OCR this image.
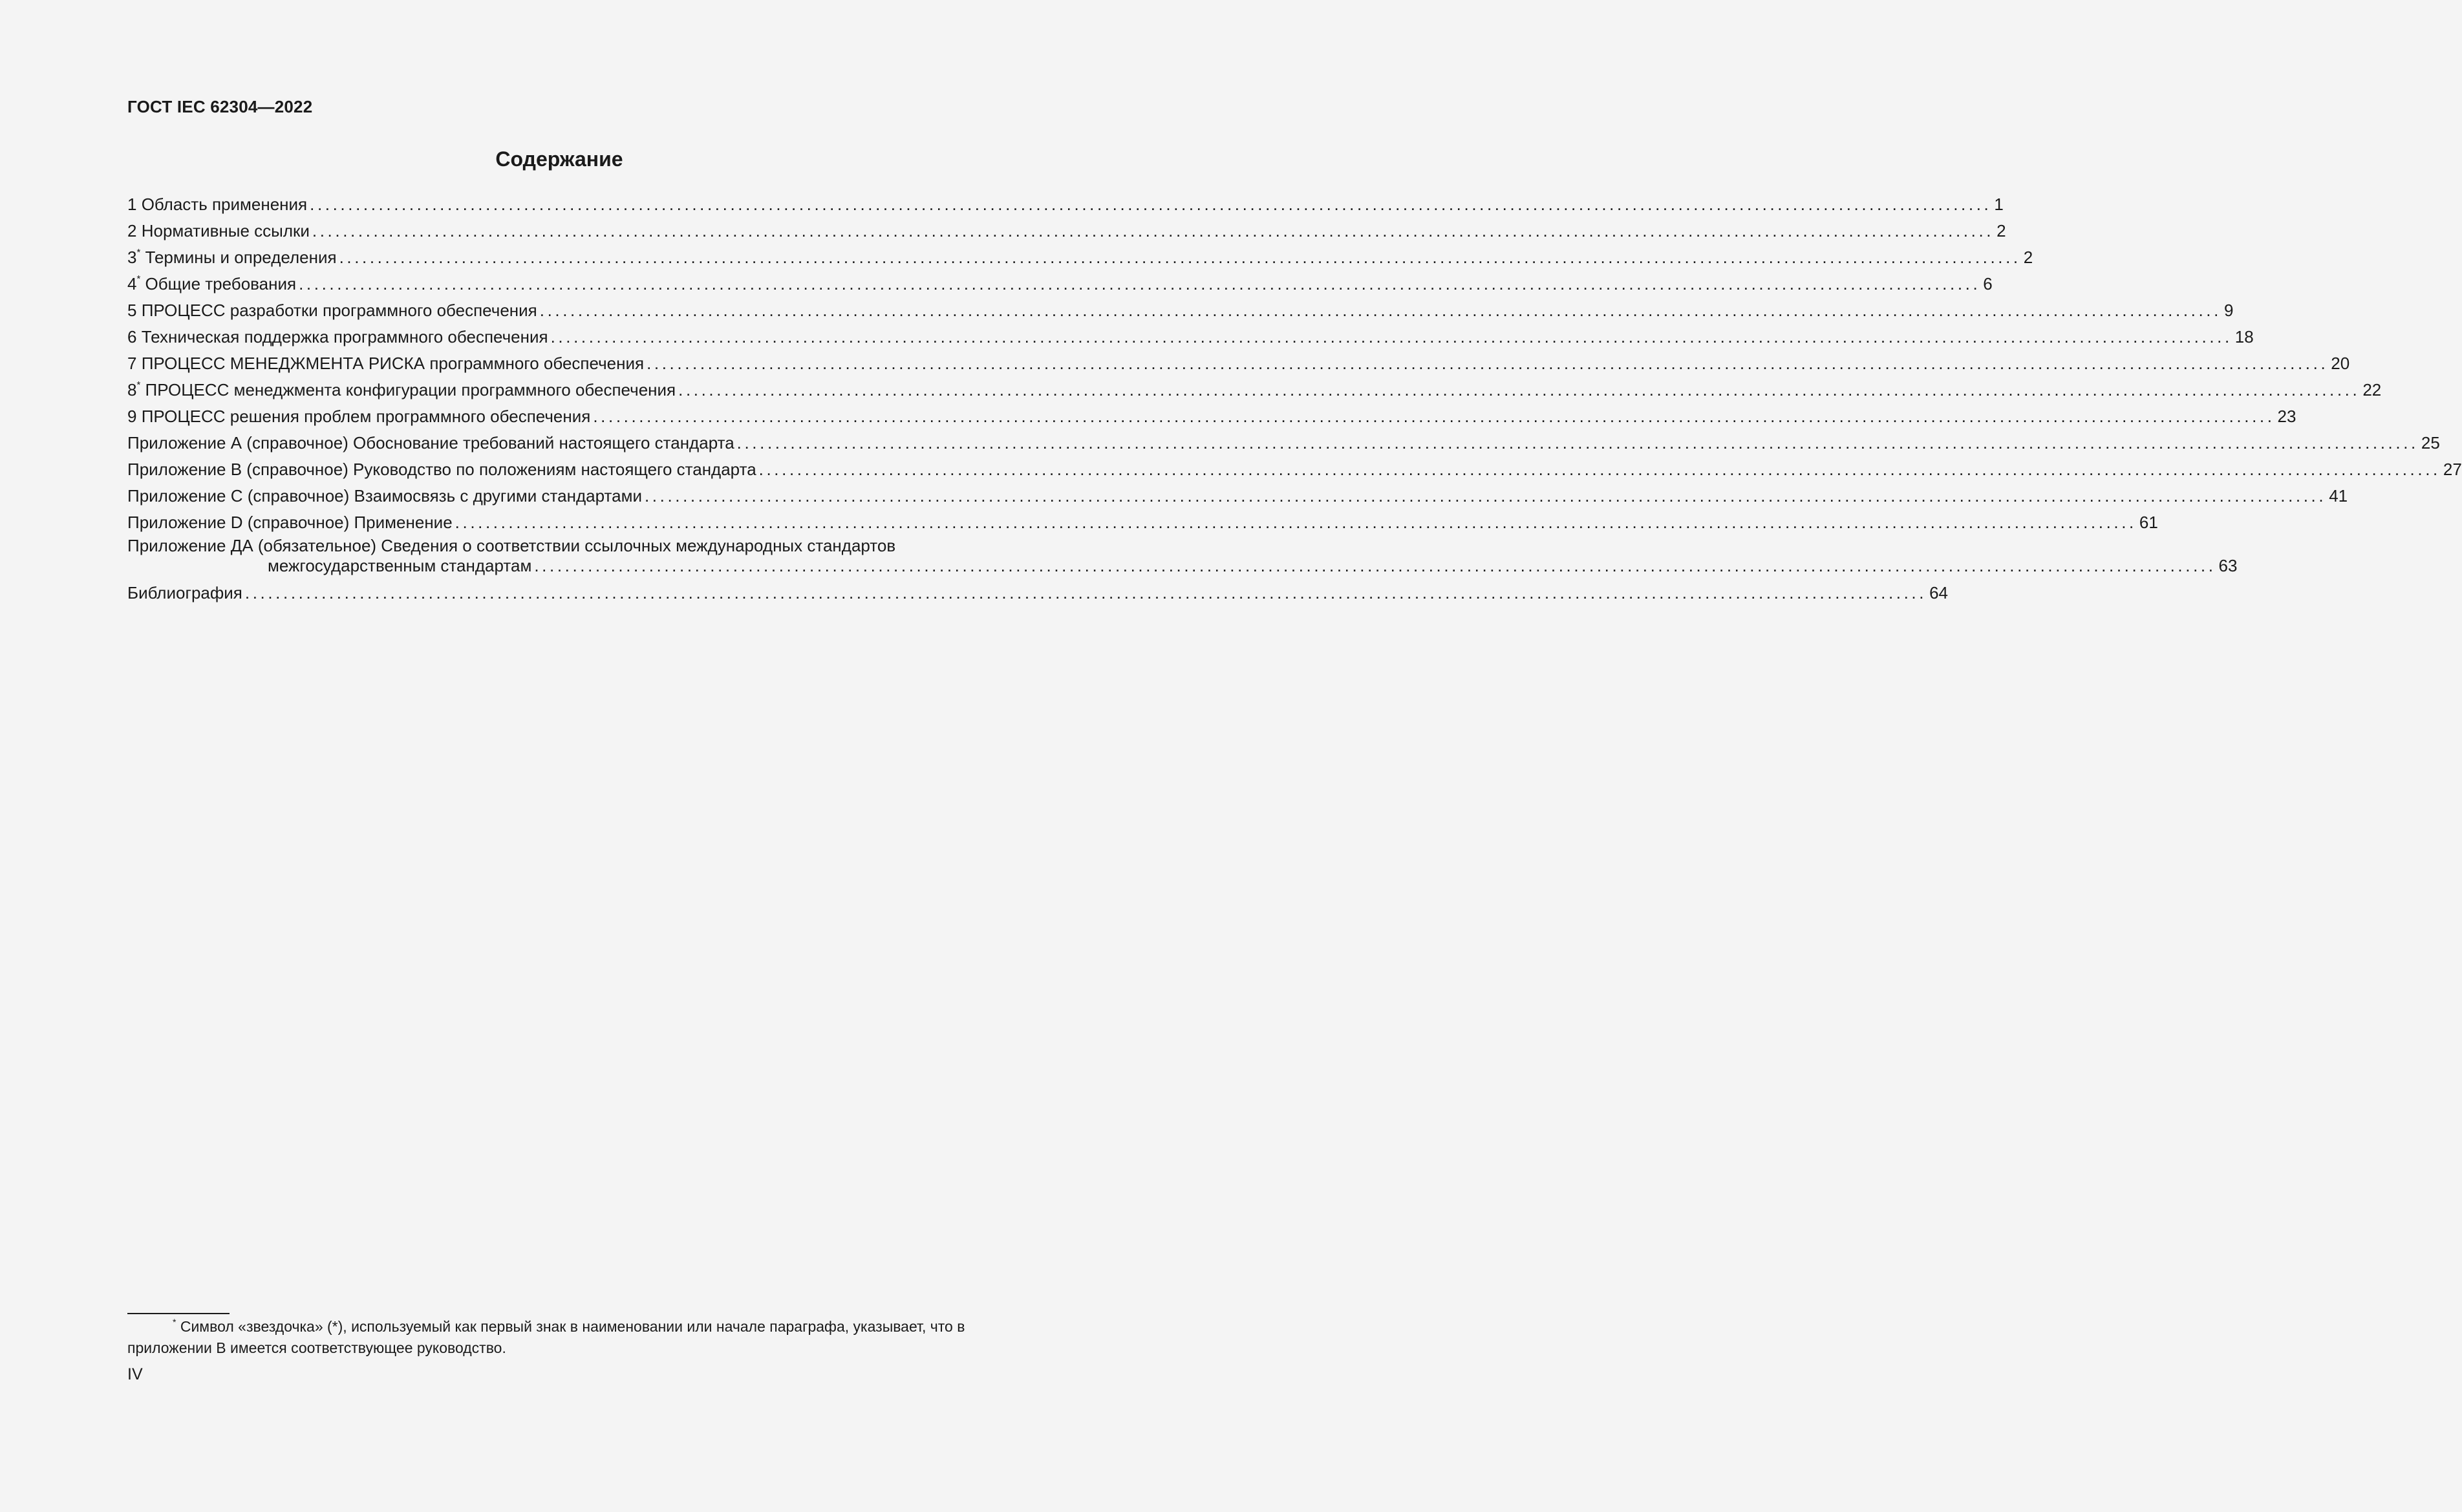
ГОСТ IEC 62304—2022
Содержание
1 Область применения ............................................................................................................................................................................................................................ 1
2 Нормативные ссылки ............................................................................................................................................................................................................................ 2
3* Термины и определения ............................................................................................................................................................................................................................ 2
4* Общие требования ............................................................................................................................................................................................................................ 6
5 ПРОЦЕСС разработки программного обеспечения ............................................................................................................................................................................................................................ 9
6 Техническая поддержка программного обеспечения ............................................................................................................................................................................................................................ 18
7 ПРОЦЕСС МЕНЕДЖМЕНТА РИСКА программного обеспечения ............................................................................................................................................................................................................................ 20
8* ПРОЦЕСС менеджмента конфигурации программного обеспечения ............................................................................................................................................................................................................................ 22
9 ПРОЦЕСС решения проблем программного обеспечения ............................................................................................................................................................................................................................ 23
Приложение А (справочное) Обоснование требований настоящего стандарта ............................................................................................................................................................................................................................ 25
Приложение В (справочное) Руководство по положениям настоящего стандарта ............................................................................................................................................................................................................................ 27
Приложение С (справочное) Взаимосвязь с другими стандартами ............................................................................................................................................................................................................................ 41
Приложение D (справочное) Применение ............................................................................................................................................................................................................................ 61
Приложение ДА (обязательное) Сведения о соответствии ссылочных международных стандартов
межгосударственным стандартам ............................................................................................................................................................................................................................ 63
Библиография ............................................................................................................................................................................................................................ 64
* Символ «звездочка» (*), используемый как первый знак в наименовании или начале параграфа, указывает, что в приложении В имеется соответствующее руководство.
IV
